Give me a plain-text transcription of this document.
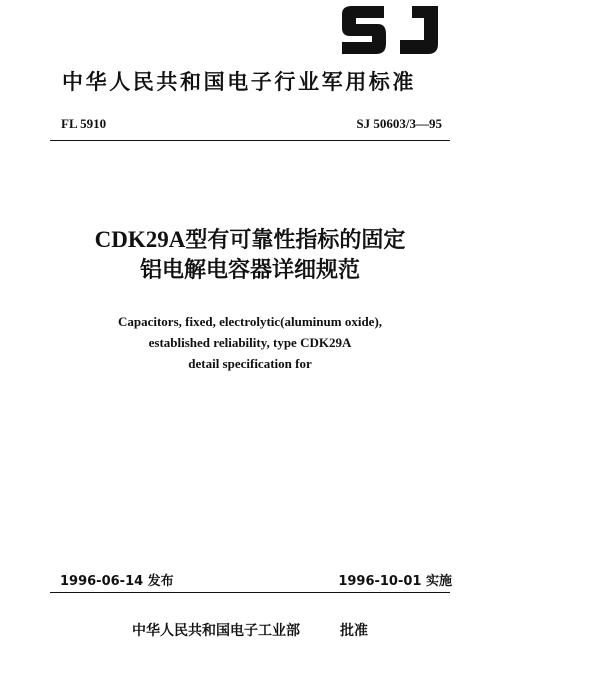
中华人民共和国电子行业军用标准
FL 5910	SJ 50603/3—95
CDK29A型有可靠性指标的固定
铝电解电容器详细规范
Capacitors, fixed, electrolytic(aluminum oxide),
established reliability, type CDK29A
detail specification for
1996-06-14 发布	1996-10-01 实施
中华人民共和国电子工业部	批准
